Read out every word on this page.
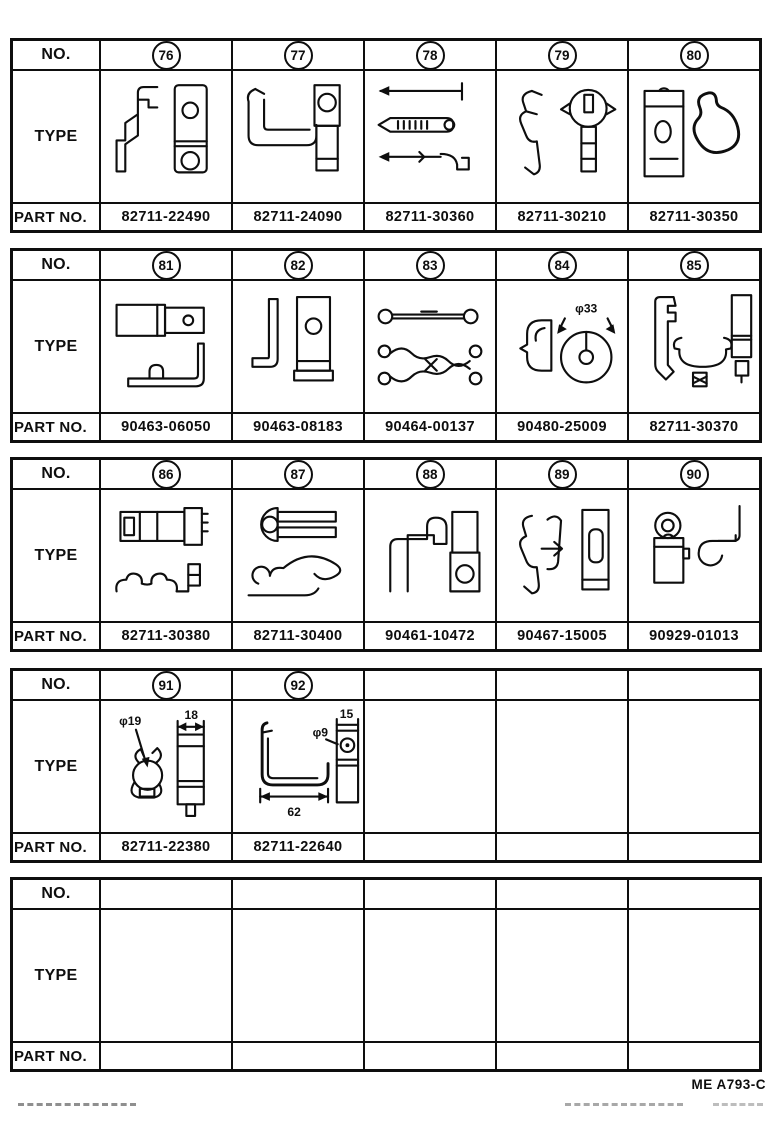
NO.	76	77	78	79	80
TYPE
PART NO.	82711-22490	82711-24090	82711-30360	82711-30210	82711-30350
NO.	81	82	83	84	85
TYPE
φ33
PART NO.	90463-06050	90463-08183	90464-00137	90480-25009	82711-30370
NO.	86	87	88	89	90
TYPE
PART NO.	82711-30380	82711-30400	90461-10472	90467-15005	90929-01013
NO.	91	92
TYPE
φ19	18
62
15
φ9
PART NO.	82711-22380	82711-22640
NO.
TYPE
PART NO.
ME A793-C
